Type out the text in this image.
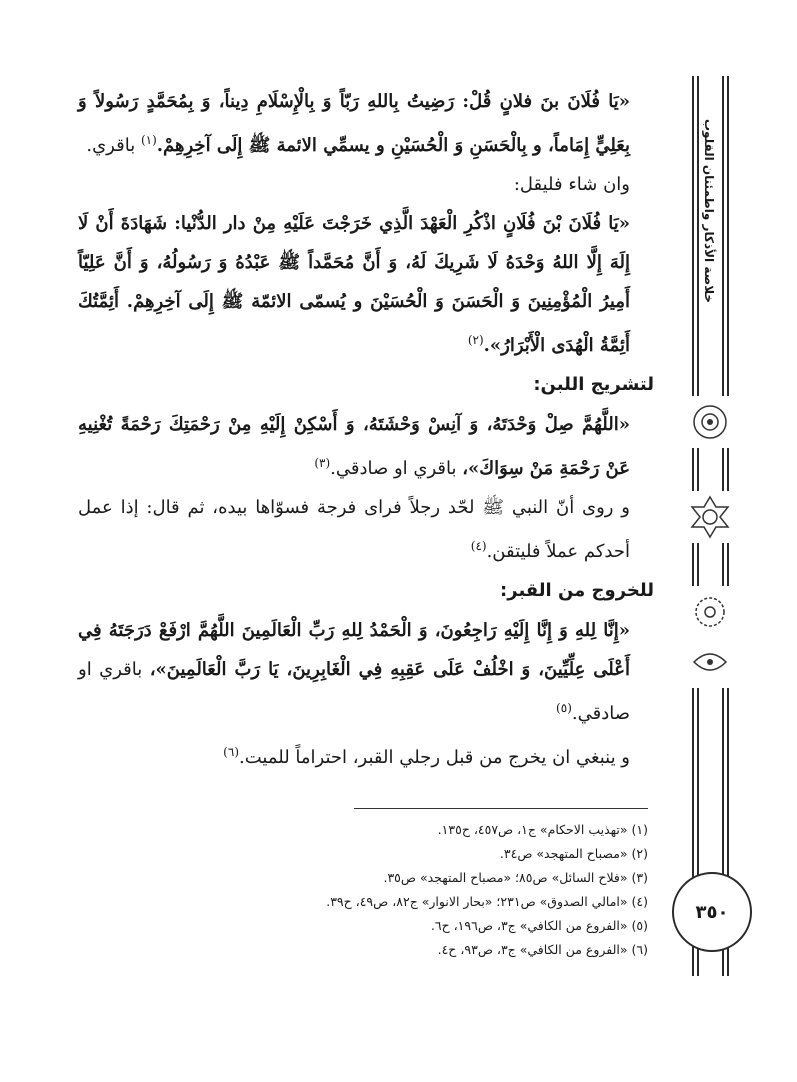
خلاصة الأذكار واطمئنان القلوب
٣٥٠

«يَا فُلَانَ بنَ فلانٍ قُلْ: رَضِيتُ بِاللهِ رَبّاً وَ بِالْإِسْلَامِ دِيناً، وَ بِمُحَمَّدٍ رَسُولاً وَ بِعَلِيٍّ إِمَاماً، و بِالْحَسَنِ وَ الْحُسَيْنِ و يسمِّي الائمة ﷺ إِلَى آخِرِهِمْ.$^{(١)}$ باقري.

وان شاء فليقل:

«يَا فُلَانَ بْنَ فُلَانٍ اذْكُرِ الْعَهْدَ الَّذِي خَرَجْتَ عَلَيْهِ مِنْ دار الدُّنْيا: شَهَادَةَ أَنْ لَا إِلَهَ إِلَّا اللهُ وَحْدَهُ لَا شَرِيكَ لَهُ، وَ أَنَّ مُحَمَّداً ﷺ عَبْدُهُ وَ رَسُولُهُ، وَ أَنَّ عَلِيّاً أَمِيرُ الْمُؤْمِنِينَ وَ الْحَسَنَ وَ الْحُسَيْنَ و يُسمّى الائمّة ﷺ إِلَى آخِرِهِمْ. أَئِمَّتُكَ أَئِمَّةُ الْهُدَى الْأَبْرَارُ».$^{(٢)}$

لتشريج اللبن:

«اللَّهُمَّ صِلْ وَحْدَتَهُ، وَ آنِسْ وَحْشَتَهُ، وَ أَسْكِنْ إِلَيْهِ مِنْ رَحْمَتِكَ رَحْمَةً تُغْنِيهِ عَنْ رَحْمَةِ مَنْ سِوَاكَ»، باقري او صادقي.$^{(٣)}$

و روى أنّ النبي ﷺ لحّد رجلاً فراى فرجة فسوّاها بيده، ثم قال: إذا عمل أحدكم عملاً فليتقن.$^{(٤)}$

للخروج من القبر:

«إِنَّا لِلهِ وَ إِنَّا إِلَيْهِ رَاجِعُونَ، وَ الْحَمْدُ لِلهِ رَبِّ الْعَالَمِينَ اللَّهُمَّ ارْفَعْ دَرَجَتَهُ فِي أَعْلَى عِلِّيِّينَ، وَ اخْلُفْ عَلَى عَقِبِهِ فِي الْغَابِرِينَ، يَا رَبَّ الْعَالَمِينَ»، باقري او صادقي.$^{(٥)}$

و ينبغي ان يخرج من قبل رجلي القبر، احتراماً للميت.$^{(٦)}$

(١) «تهذيب الاحكام» ج١، ص٤٥٧، ح١٣٥.
(٢) «مصباح المتهجد» ص٣٤.
(٣) «فلاح السائل» ص٨٥؛ «مصباح المتهجد» ص٣٥.
(٤) «امالي الصدوق» ص٢٣١؛ «بحار الانوار» ج٨٢، ص٤٩، ح٣٩.
(٥) «الفروع من الكافي» ج٣، ص١٩٦، ح٦.
(٦) «الفروع من الكافي» ج٣، ص٩٣، ح٤.
